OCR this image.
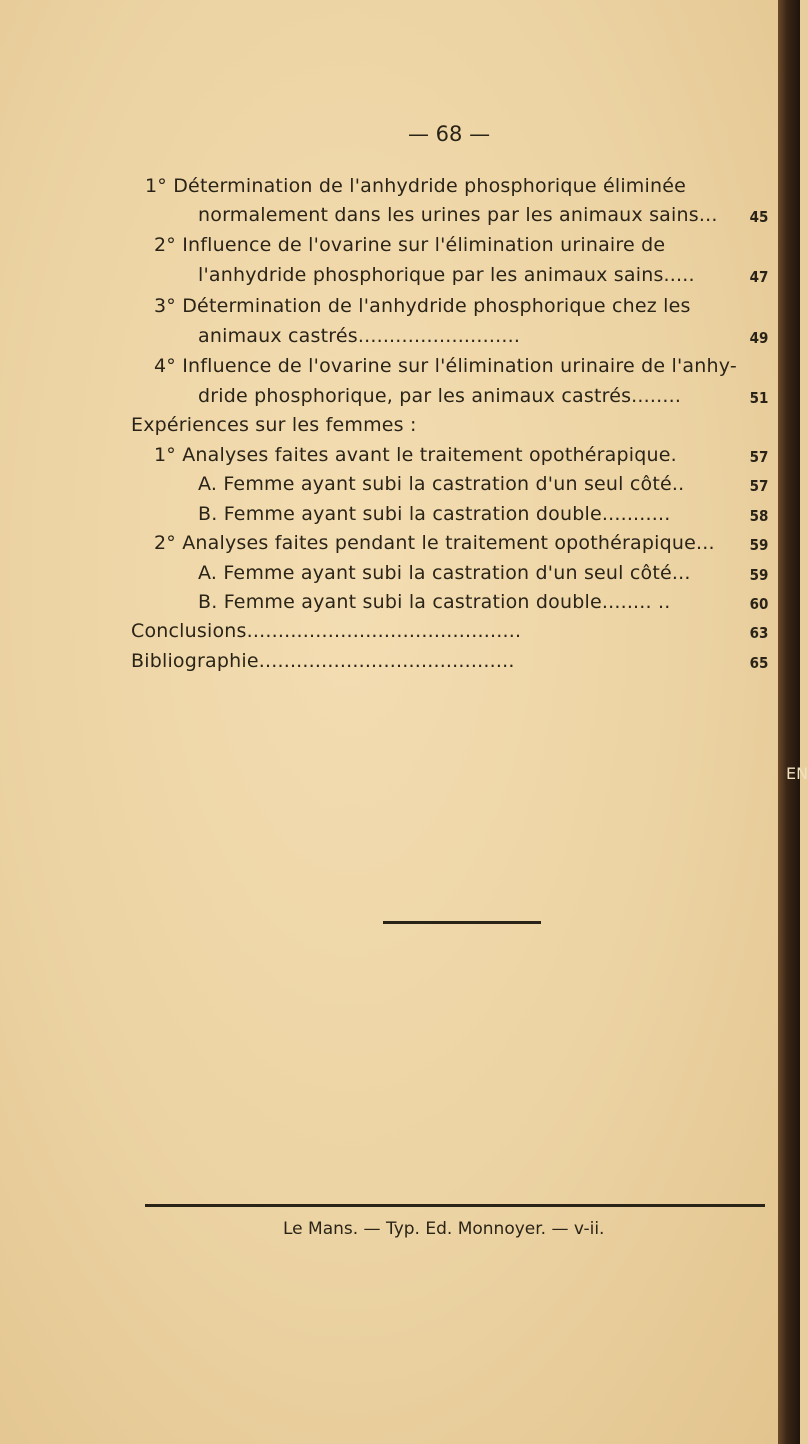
EN
— 68 —
1° Détermination de l'anhydride phosphorique éliminée
normalement dans les urines par les animaux sains... 45
2° Influence de l'ovarine sur l'élimination urinaire de
l'anhydride phosphorique par les animaux sains.....	47
3° Détermination de l'anhydride phosphorique chez les
animaux castrés..........................	49
4° Influence de l'ovarine sur l'élimination urinaire de l'anhy-
dride phosphorique, par les animaux castrés........	51
Expériences sur les femmes :
1° Analyses faites avant le traitement opothérapique.	57
A. Femme ayant subi la castration d'un seul côté..	57
B. Femme ayant subi la castration double...........	58
2° Analyses faites pendant le traitement opothérapique... 59
A. Femme ayant subi la castration d'un seul côté...	59
B. Femme ayant subi la castration double........ ..	60
Conclusions............................................	63
Bibliographie.........................................	65
Le Mans. — Typ. Ed. Monnoyer. — v-ii.
